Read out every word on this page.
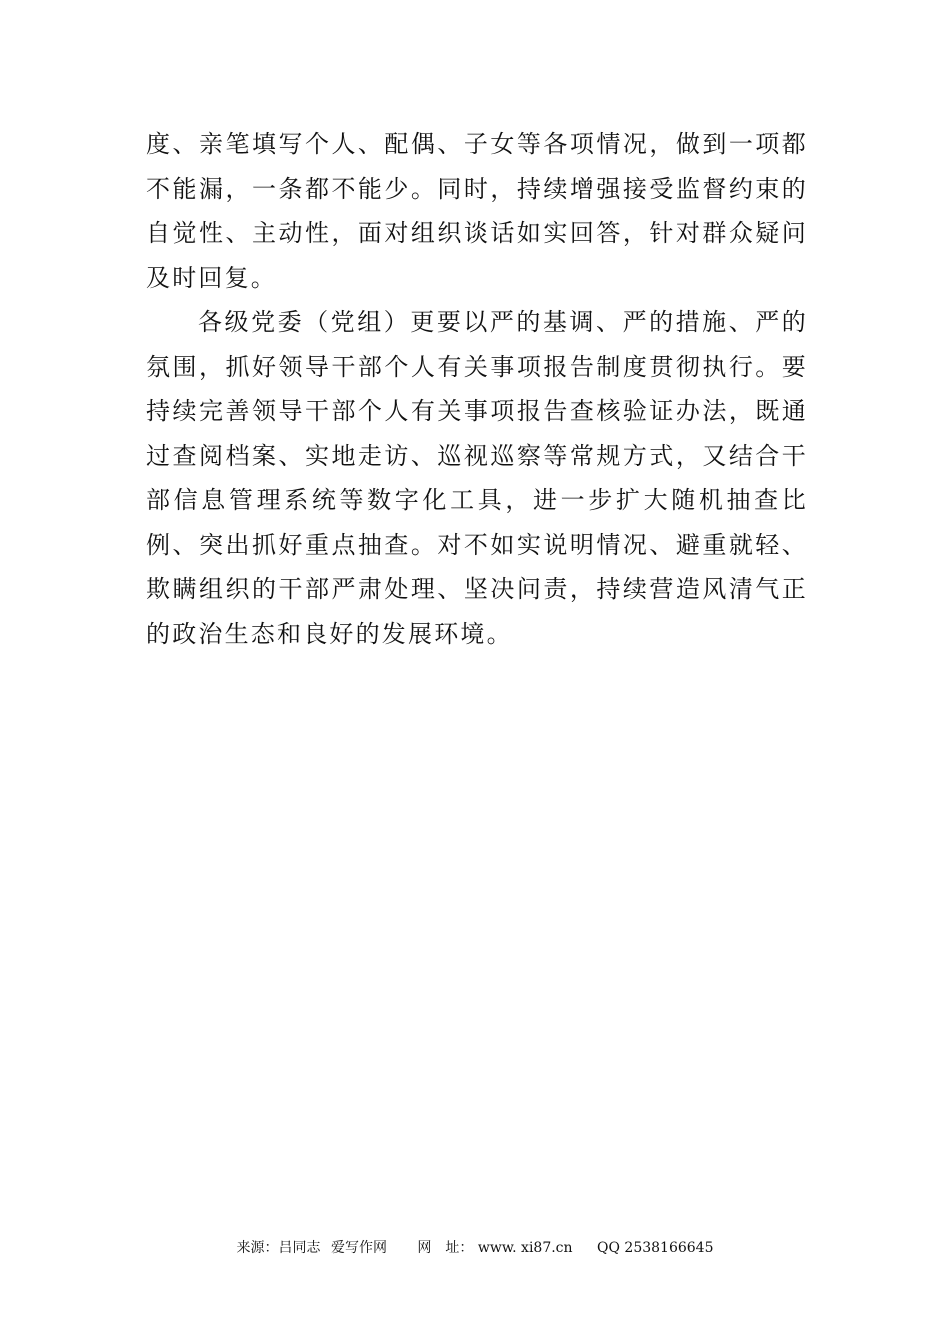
度、亲笔填写个人、配偶、子女等各项情况，做到一项都不能漏，一条都不能少。同时，持续增强接受监督约束的自觉性、主动性，面对组织谈话如实回答，针对群众疑问及时回复。

各级党委（党组）更要以严的基调、严的措施、严的氛围，抓好领导干部个人有关事项报告制度贯彻执行。要持续完善领导干部个人有关事项报告查核验证办法，既通过查阅档案、实地走访、巡视巡察等常规方式，又结合干部信息管理系统等数字化工具，进一步扩大随机抽查比例、突出抓好重点抽查。对不如实说明情况、避重就轻、欺瞒组织的干部严肃处理、坚决问责，持续营造风清气正的政治生态和良好的发展环境。

来源：吕同志 爱写作网 网　址： www. xi87.cn QQ 2538166645
